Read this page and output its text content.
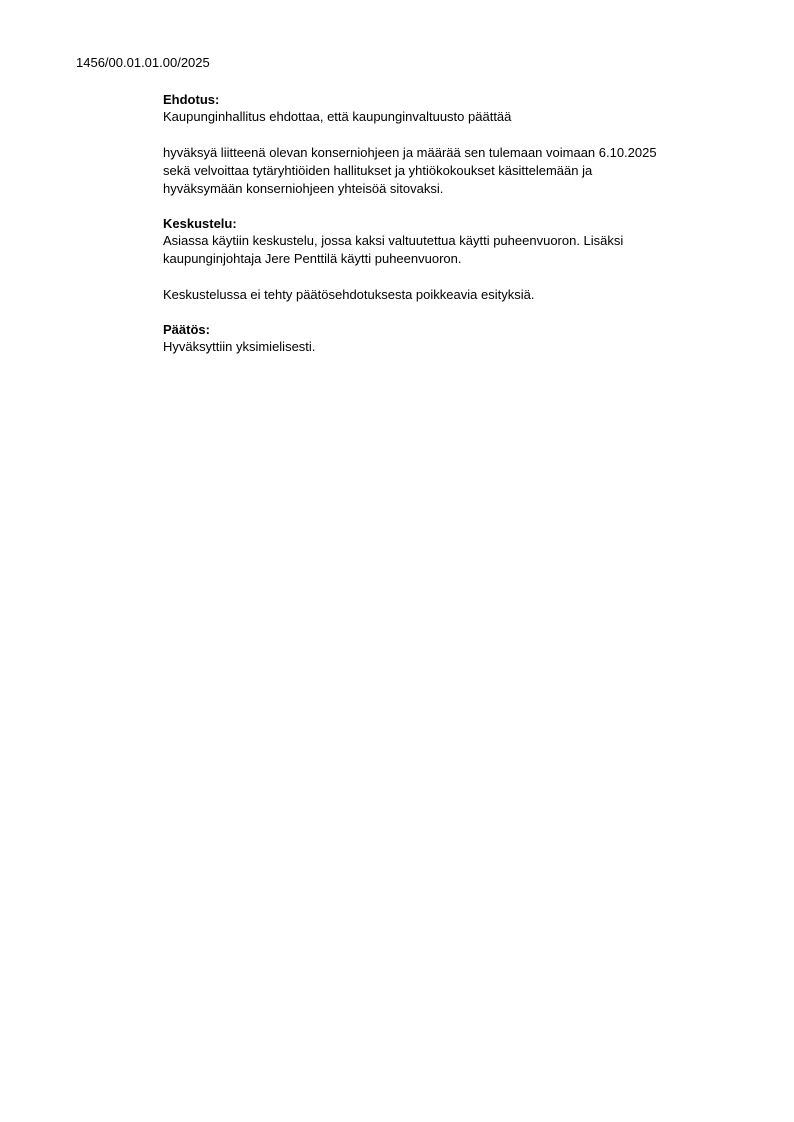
1456/00.01.01.00/2025

Ehdotus:

Kaupunginhallitus ehdottaa, että kaupunginvaltuusto päättää

hyväksyä liitteenä olevan konserniohjeen ja määrää sen tulemaan voimaan 6.10.2025
sekä velvoittaa tytäryhtiöiden hallitukset ja yhtiökokoukset käsittelemään ja
hyväksymään konserniohjeen yhteisöä sitovaksi.

Keskustelu:

Asiassa käytiin keskustelu, jossa kaksi valtuutettua käytti puheenvuoron. Lisäksi
kaupunginjohtaja Jere Penttilä käytti puheenvuoron.

Keskustelussa ei tehty päätösehdotuksesta poikkeavia esityksiä.

Päätös:

Hyväksyttiin yksimielisesti.
